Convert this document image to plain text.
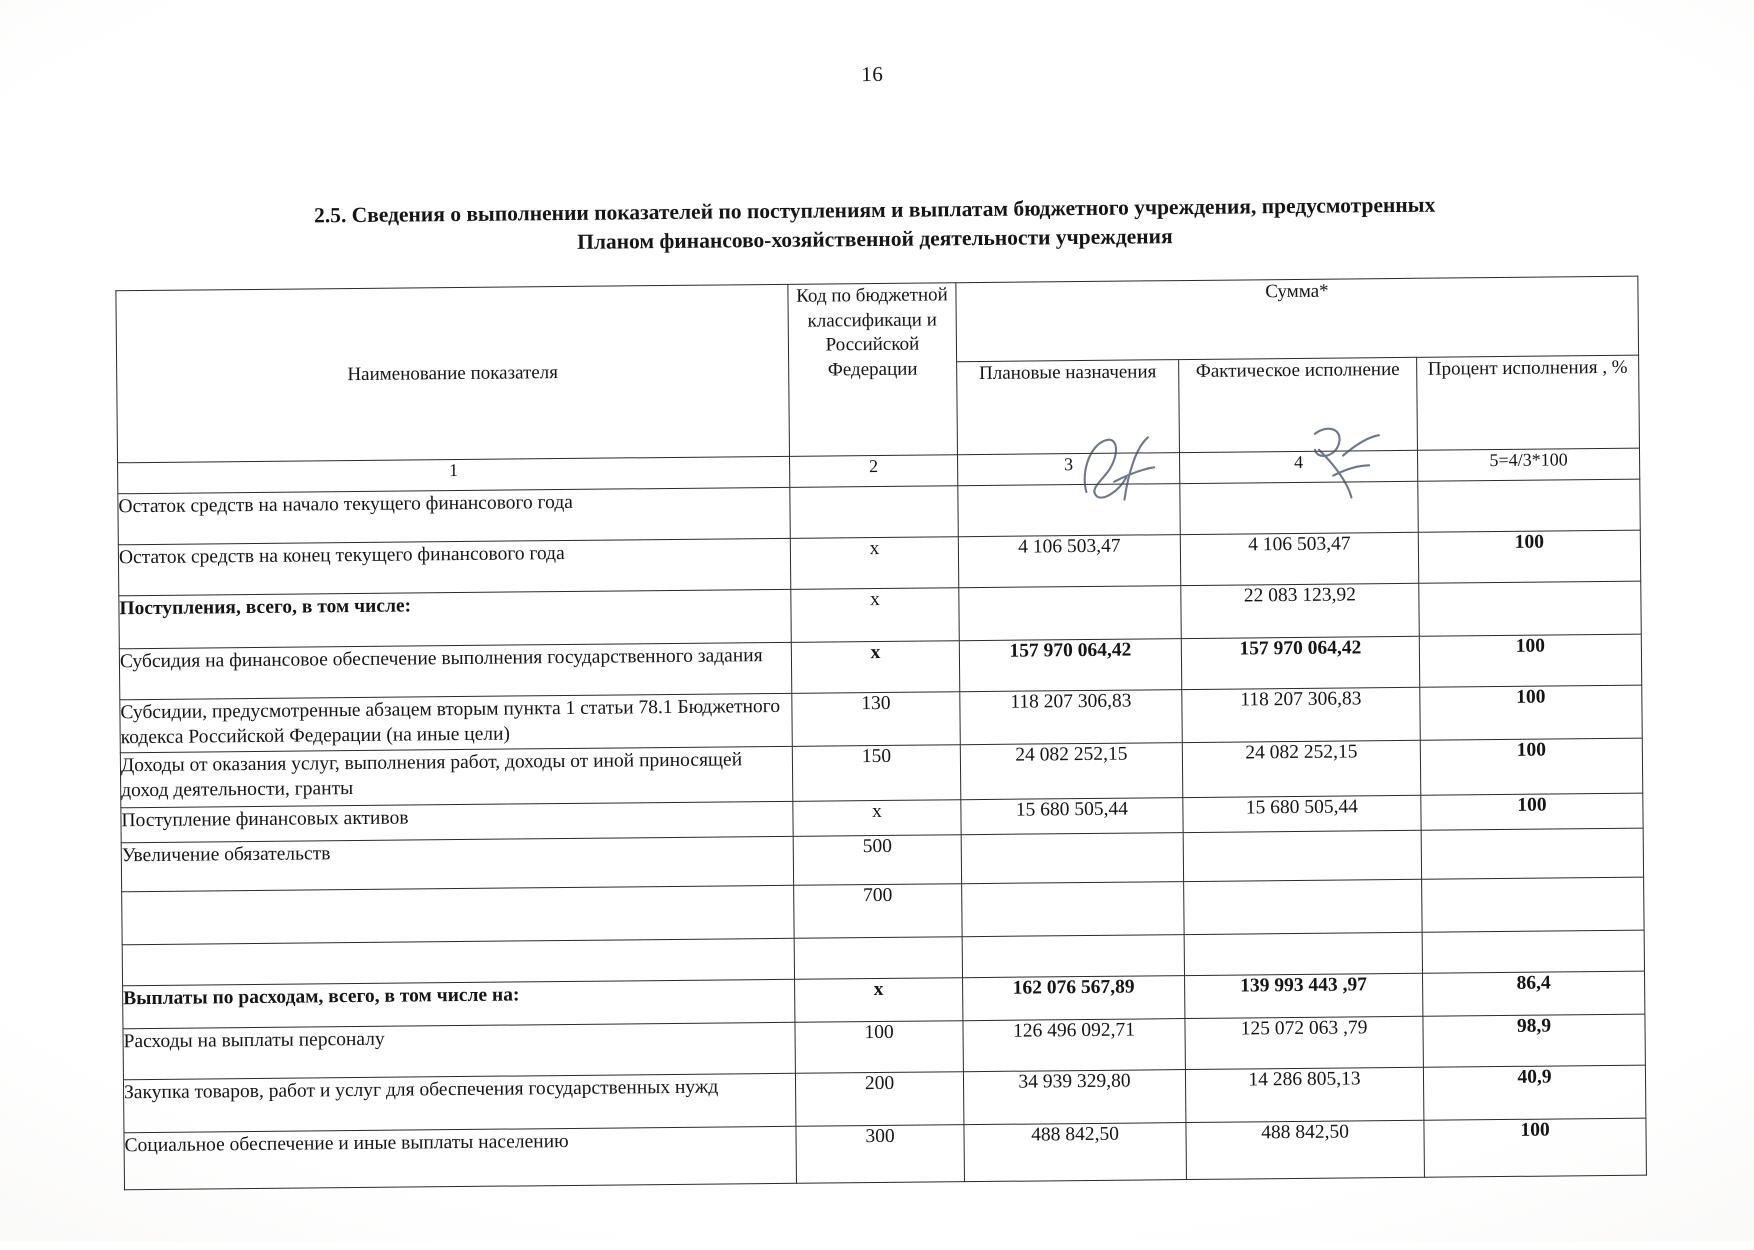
16
2.5. Сведения о выполнении показателей по поступлениям и выплатам бюджетного учреждения, предусмотренных
Планом финансово-хозяйственной деятельности учреждения
Наименование показателя	Код по бюджетной классификаци и Российской Федерации	Сумма*		
		Плановые назначения	Фактическое исполнение	Процент исполнения , %
1	2	3	4	5=4/3*100
Остаток средств на начало текущего финансового года				
Остаток средств на конец текущего финансового года	х	4 106 503,47	4 106 503,47	100
Поступления, всего, в том числе:	х		22 083 123,92	
Субсидия на финансовое обеспечение выполнения государственного задания	х	157 970 064,42	157 970 064,42	100
Субсидии, предусмотренные абзацем вторым пункта 1 статьи 78.1 Бюджетного кодекса Российской Федерации (на иные цели)	130	118 207 306,83	118 207 306,83	100
Доходы от оказания услуг, выполнения работ, доходы от иной приносящей доход деятельности, гранты	150	24 082 252,15	24 082 252,15	100
Поступление финансовых активов	х	15 680 505,44	15 680 505,44	100
Увеличение обязательств	500			
	700			

Выплаты по расходам, всего, в том числе на:	х	162 076 567,89	139 993 443 ,97	86,4
Расходы на выплаты персоналу	100	126 496 092,71	125 072 063 ,79	98,9
Закупка товаров, работ и услуг для обеспечения государственных нужд	200	34 939 329,80	14 286 805,13	40,9
Социальное обеспечение и иные выплаты населению	300	488 842,50	488 842,50	100
